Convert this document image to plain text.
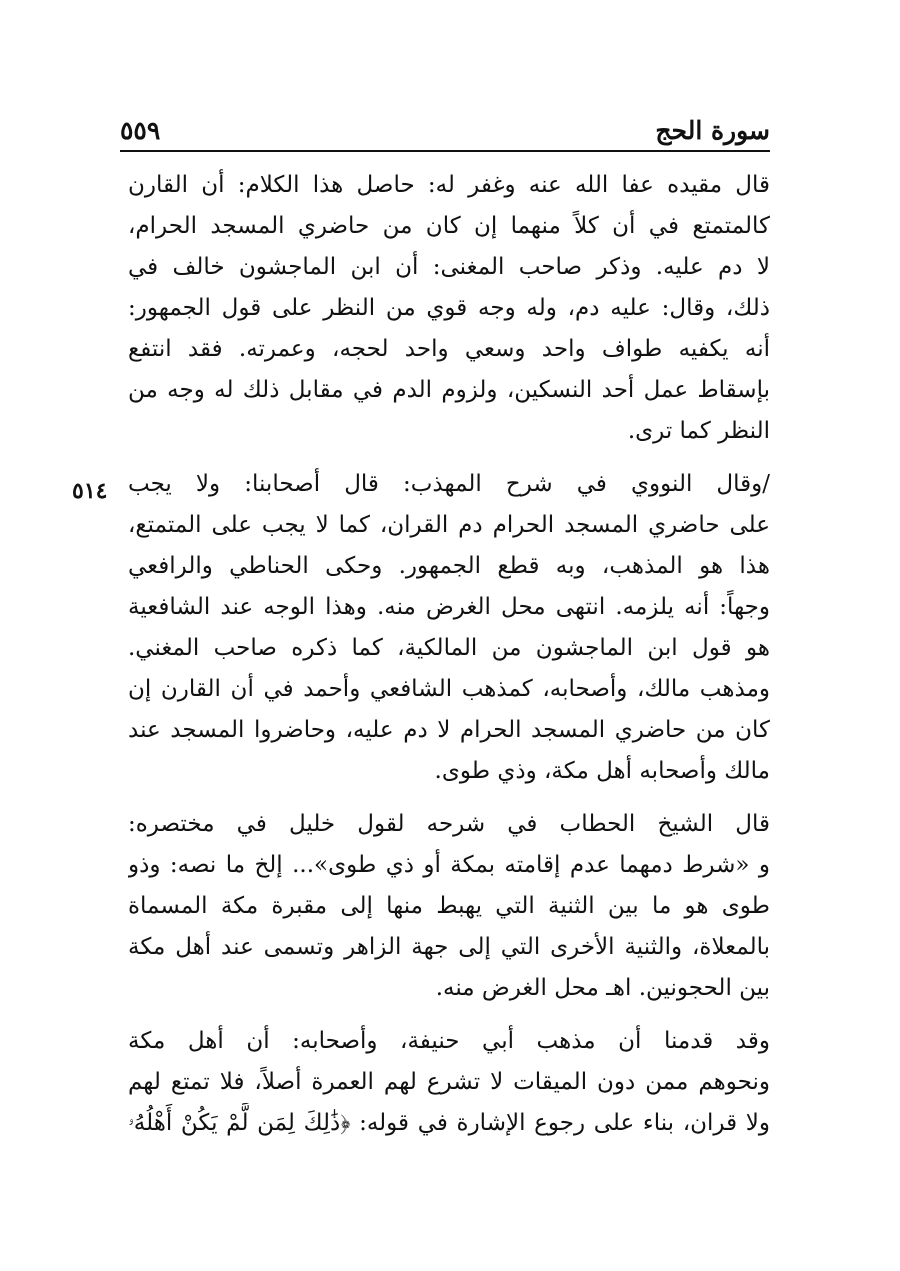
سورة الحج
٥٥٩
٥١٤

قال مقيده عفا الله عنه وغفر له: حاصل هذا الكلام: أن القارن
كالمتمتع في أن كلاً منهما إن كان من حاضري المسجد الحرام،
لا دم عليه. وذكر صاحب المغنى: أن ابن الماجشون خالف في
ذلك، وقال: عليه دم، وله وجه قوي من النظر على قول الجمهور:
أنه يكفيه طواف واحد وسعي واحد لحجه، وعمرته. فقد انتفع
بإسقاط عمل أحد النسكين، ولزوم الدم في مقابل ذلك له وجه من
النظر كما ترى.

/وقال النووي في شرح المهذب: قال أصحابنا: ولا يجب
على حاضري المسجد الحرام دم القران، كما لا يجب على المتمتع،
هذا هو المذهب، وبه قطع الجمهور. وحكى الحناطي والرافعي
وجهاً: أنه يلزمه. انتهى محل الغرض منه. وهذا الوجه عند الشافعية
هو قول ابن الماجشون من المالكية، كما ذكره صاحب المغني.
ومذهب مالك، وأصحابه، كمذهب الشافعي وأحمد في أن القارن إن
كان من حاضري المسجد الحرام لا دم عليه، وحاضروا المسجد عند
مالك وأصحابه أهل مكة، وذي طوى.

قال الشيخ الحطاب في شرحه لقول خليل في مختصره:
و «شرط دمهما عدم إقامته بمكة أو ذي طوى»... إلخ ما نصه: وذو
طوى هو ما بين الثنية التي يهبط منها إلى مقبرة مكة المسماة
بالمعلاة، والثنية الأخرى التي إلى جهة الزاهر وتسمى عند أهل مكة
بين الحجونين. اهـ محل الغرض منه.

وقد قدمنا أن مذهب أبي حنيفة، وأصحابه: أن أهل مكة
ونحوهم ممن دون الميقات لا تشرع لهم العمرة أصلاً، فلا تمتع لهم
ولا قران، بناء على رجوع الإشارة في قوله: ﴿ذَٰلِكَ لِمَن لَّمْ يَكُنْ أَهْلُهُۥ
